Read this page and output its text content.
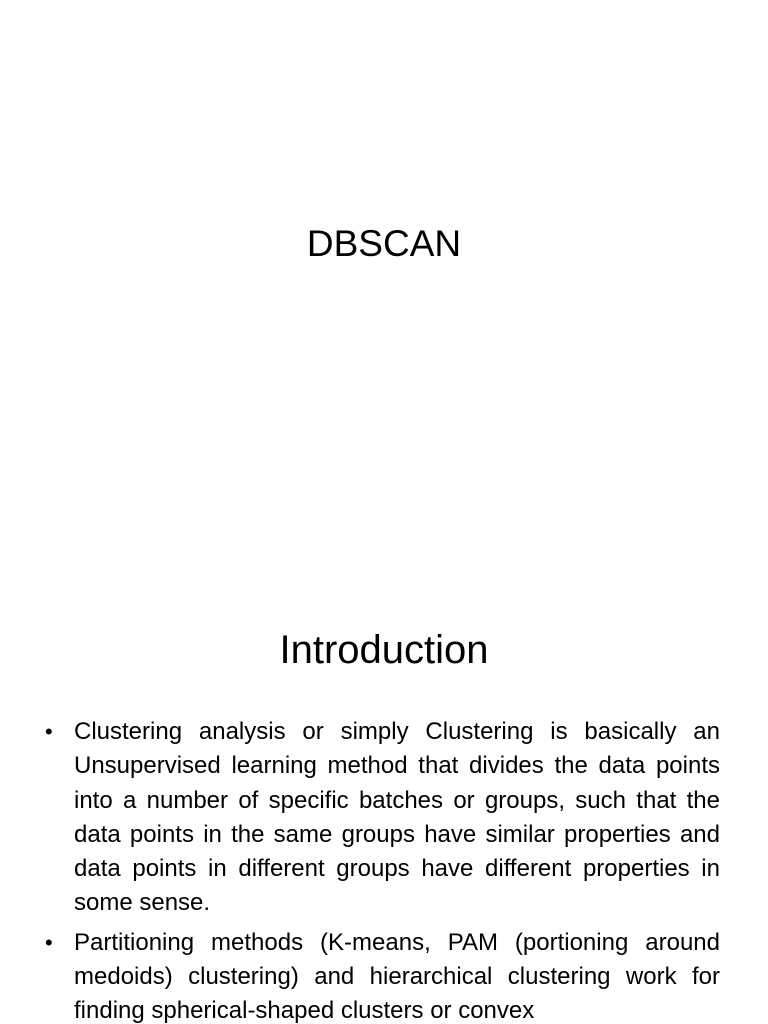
DBSCAN
Introduction
• Clustering analysis or simply Clustering is basically an Unsupervised learning method that divides the data points into a number of specific batches or groups, such that the data points in the same groups have similar properties and data points in different groups have different properties in some sense.
• Partitioning methods (K-means, PAM (portioning around medoids) clustering) and hierarchical clustering work for finding spherical-shaped clusters or convex
